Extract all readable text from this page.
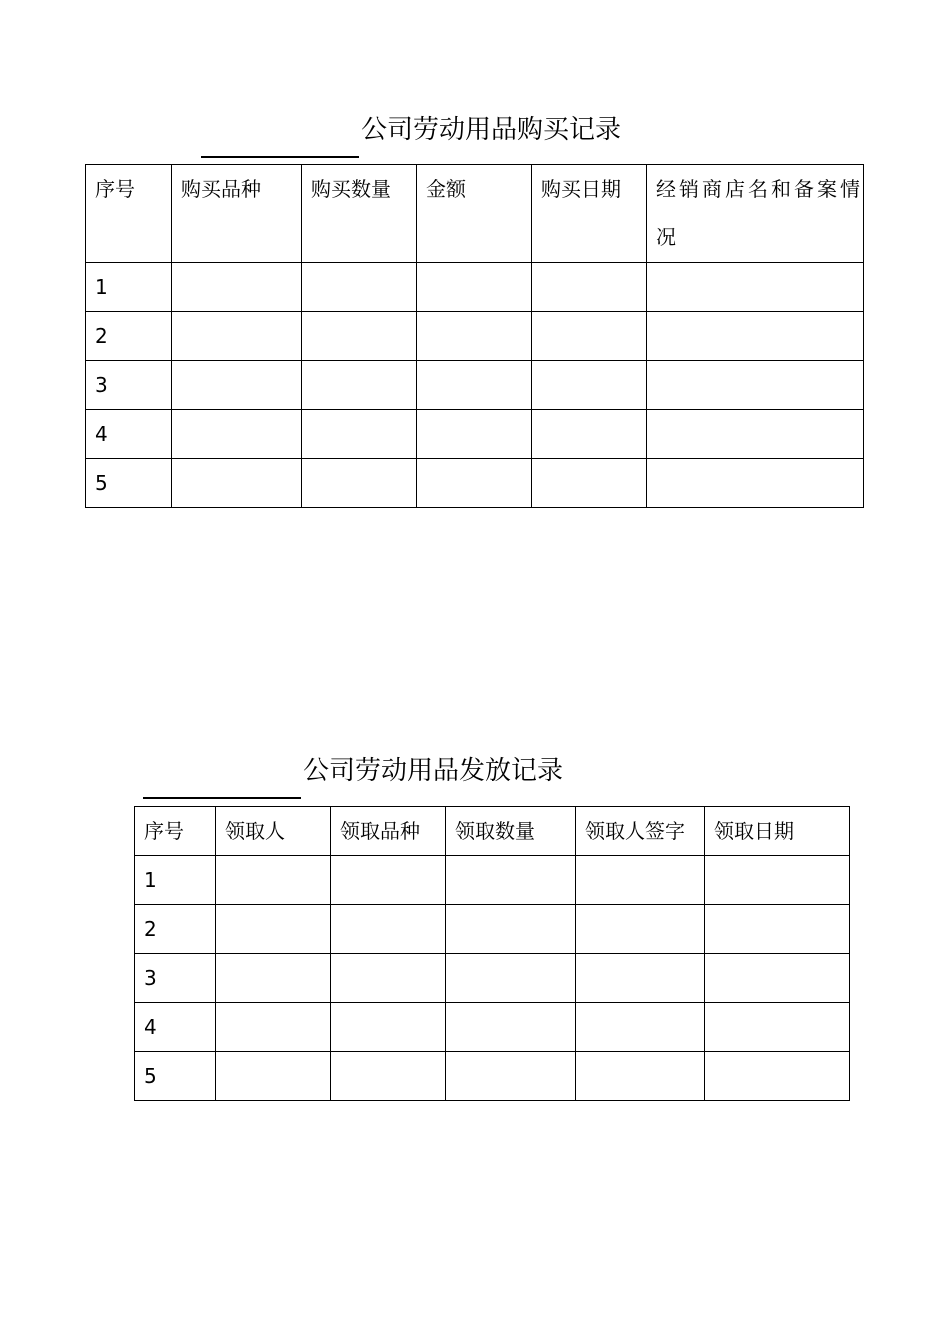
公司劳动用品购买记录
序号	购买品种	购买数量	金额	购买日期	经销商店名和备案情况
1					
2					
3					
4					
5					
公司劳动用品发放记录
序号	领取人	领取品种	领取数量	领取人签字	领取日期
1					
2					
3					
4					
5					
